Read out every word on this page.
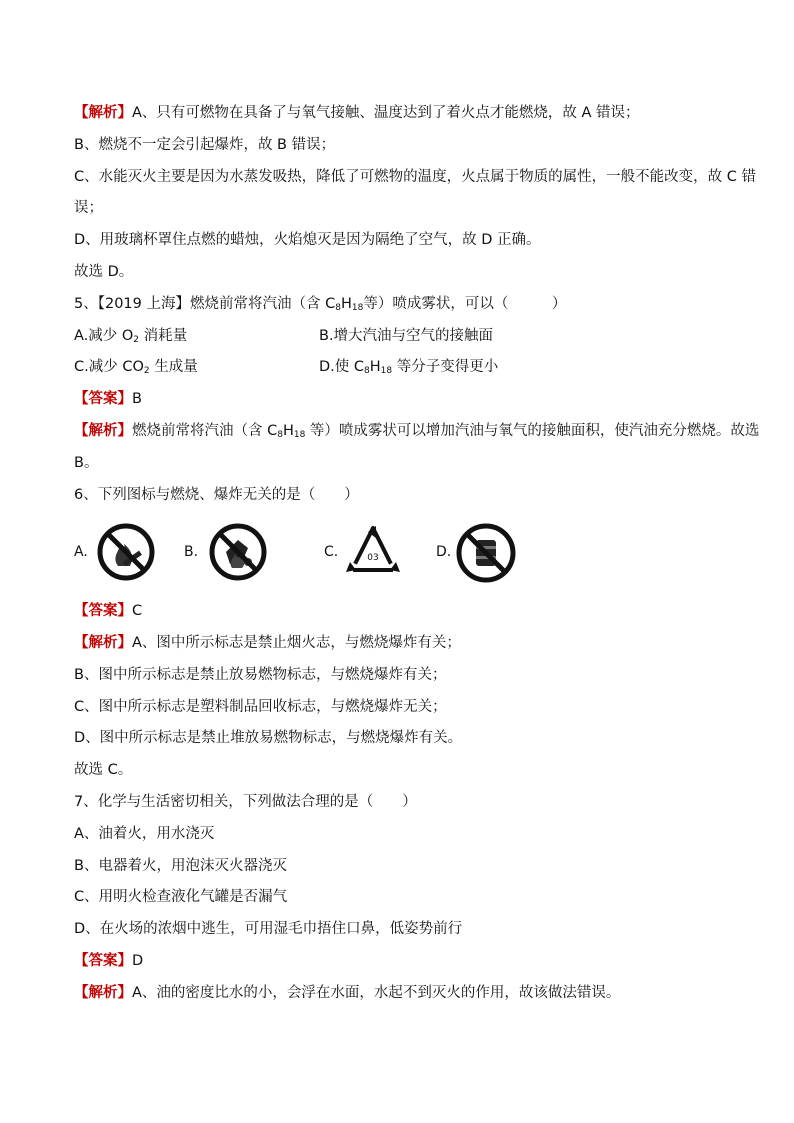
【解析】A、只有可燃物在具备了与氧气接触、温度达到了着火点才能燃烧，故 A 错误；
B、燃烧不一定会引起爆炸，故 B 错误；
C、水能灭火主要是因为水蒸发吸热，降低了可燃物的温度，火点属于物质的属性，一般不能改变，故 C 错
误；
D、用玻璃杯罩住点燃的蜡烛，火焰熄灭是因为隔绝了空气，故 D 正确。
故选 D。
5、【2019 上海】燃烧前常将汽油（含 $C_8H_{18}$等）喷成雾状，可以（　　　）
A.减少 $O_2$ 消耗量	B.增大汽油与空气的接触面
C.减少 $CO_2$ 生成量	D.使 $C_8H_{18}$ 等分子变得更小
【答案】B
【解析】燃烧前常将汽油（含 $C_8H_{18}$ 等）喷成雾状可以增加汽油与氧气的接触面积，使汽油充分燃烧。故选
B。
6、下列图标与燃烧、爆炸无关的是（　　）
A.	B.	C.	03	D.
【答案】C
【解析】A、图中所示标志是禁止烟火志，与燃烧爆炸有关；
B、图中所示标志是禁止放易燃物标志，与燃烧爆炸有关；
C、图中所示标志是塑料制品回收标志，与燃烧爆炸无关；
D、图中所示标志是禁止堆放易燃物标志，与燃烧爆炸有关。
故选 C。
7、化学与生活密切相关，下列做法合理的是（　　）
A、油着火，用水浇灭
B、电器着火，用泡沫灭火器浇灭
C、用明火检查液化气罐是否漏气
D、在火场的浓烟中逃生，可用湿毛巾捂住口鼻，低姿势前行
【答案】D
【解析】A、油的密度比水的小，会浮在水面，水起不到灭火的作用，故该做法错误。
